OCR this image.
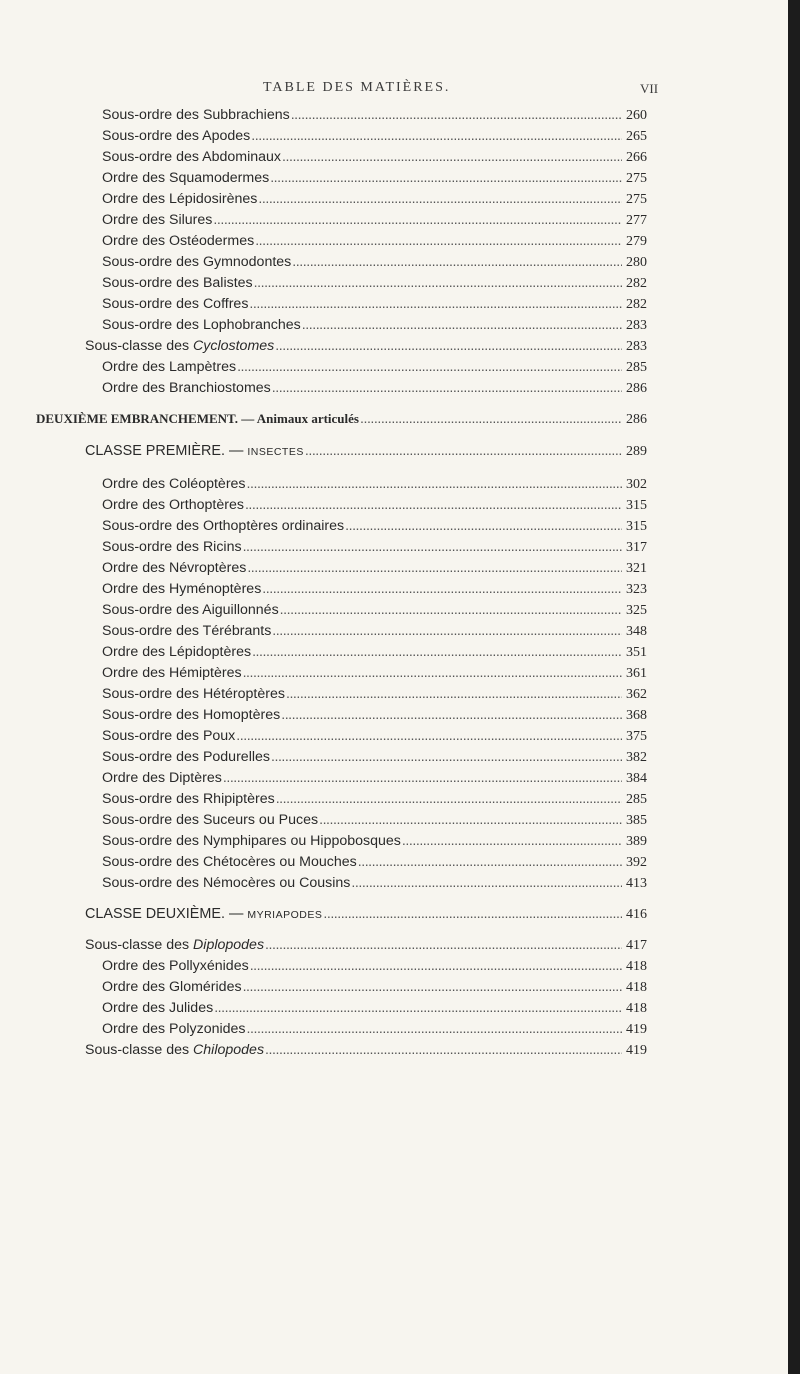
TABLE DES MATIÈRES.	VII
Sous-ordre des Subbrachiens . . .	260
Sous-ordre des Apodes . . .	265
Sous-ordre des Abdominaux . . .	266
Ordre des Squamodermes . . .	275
Ordre des Lépidosirènes . . .	275
Ordre des Silures . . .	277
Ordre des Ostéodermes . . .	279
Sous-ordre des Gymnodontes . . .	280
Sous-ordre des Balistes . . .	282
Sous-ordre des Coffres . . .	282
Sous-ordre des Lophobranches . . .	283
Sous-classe des Cyclostomes . . .	283
Ordre des Lampètres . . .	285
Ordre des Branchiostomes . . .	286
DEUXIÈME EMBRANCHEMENT. — Animaux articulés . . .	286
CLASSE PREMIÈRE. — INSECTES . . .	289
Ordre des Coléoptères . . .	302
Ordre des Orthoptères . . .	315
Sous-ordre des Orthoptères ordinaires . . .	315
Sous-ordre des Ricins . . .	317
Ordre des Névroptères . . .	321
Ordre des Hyménoptères . . .	323
Sous-ordre des Aiguillonnés . . .	325
Sous-ordre des Térébrants . . .	348
Ordre des Lépidoptères . . .	351
Ordre des Hémiptères . . .	361
Sous-ordre des Hétéroptères . . .	362
Sous-ordre des Homoptères . . .	368
Sous-ordre des Poux . . .	375
Sous-ordre des Podurelles . . .	382
Ordre des Diptères . . .	384
Sous-ordre des Rhipiptères . . .	285
Sous-ordre des Suceurs ou Puces . . .	385
Sous-ordre des Nymphipares ou Hippobosques . . .	389
Sous-ordre des Chétocères ou Mouches . . .	392
Sous-ordre des Némocères ou Cousins . . .	413
CLASSE DEUXIÈME. — MYRIAPODES . . .	416
Sous-classe des Diplopodes . . .	417
Ordre des Pollyxénides . . .	418
Ordre des Glomérides . . .	418
Ordre des Julides . . .	418
Ordre des Polyzonides . . .	419
Sous-classe des Chilopodes . . .	419
